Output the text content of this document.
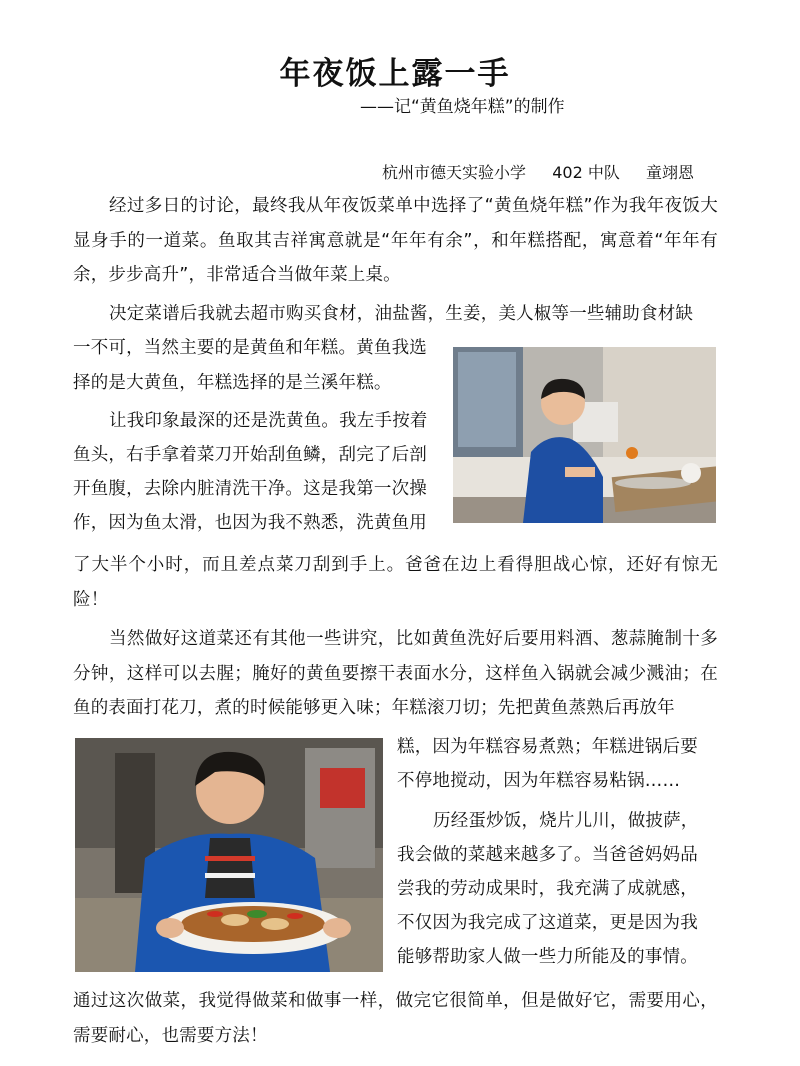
年夜饭上露一手
——记“黄鱼烧年糕”的制作
杭州市德天实验小学 402 中队 童翊恩

经过多日的讨论，最终我从年夜饭菜单中选择了“黄鱼烧年糕”作为我年夜饭大显身手的一道菜。鱼取其吉祥寓意就是“年年有余”，和年糕搭配，寓意着“年年有余，步步高升”，非常适合当做年菜上桌。

决定菜谱后我就去超市购买食材，油盐酱，生姜，美人椒等一些辅助食材缺

一不可，当然主要的是黄鱼和年糕。黄鱼我选

择的是大黄鱼，年糕选择的是兰溪年糕。

让我印象最深的还是洗黄鱼。我左手按着

鱼头，右手拿着菜刀开始刮鱼鳞，刮完了后剖

开鱼腹，去除内脏清洗干净。这是我第一次操

作，因为鱼太滑，也因为我不熟悉，洗黄鱼用

了大半个小时，而且差点菜刀刮到手上。爸爸在边上看得胆战心惊，还好有惊无险！

当然做好这道菜还有其他一些讲究，比如黄鱼洗好后要用料酒、葱蒜腌制十多分钟，这样可以去腥；腌好的黄鱼要擦干表面水分，这样鱼入锅就会减少溅油；在鱼的表面打花刀，煮的时候能够更入味；年糕滚刀切；先把黄鱼蒸熟后再放年

糕，因为年糕容易煮熟；年糕进锅后要

不停地搅动，因为年糕容易粘锅……

历经蛋炒饭，烧片儿川，做披萨，

我会做的菜越来越多了。当爸爸妈妈品

尝我的劳动成果时，我充满了成就感，

不仅因为我完成了这道菜，更是因为我

能够帮助家人做一些力所能及的事情。

通过这次做菜，我觉得做菜和做事一样，做完它很简单，但是做好它，需要用心，需要耐心，也需要方法！
